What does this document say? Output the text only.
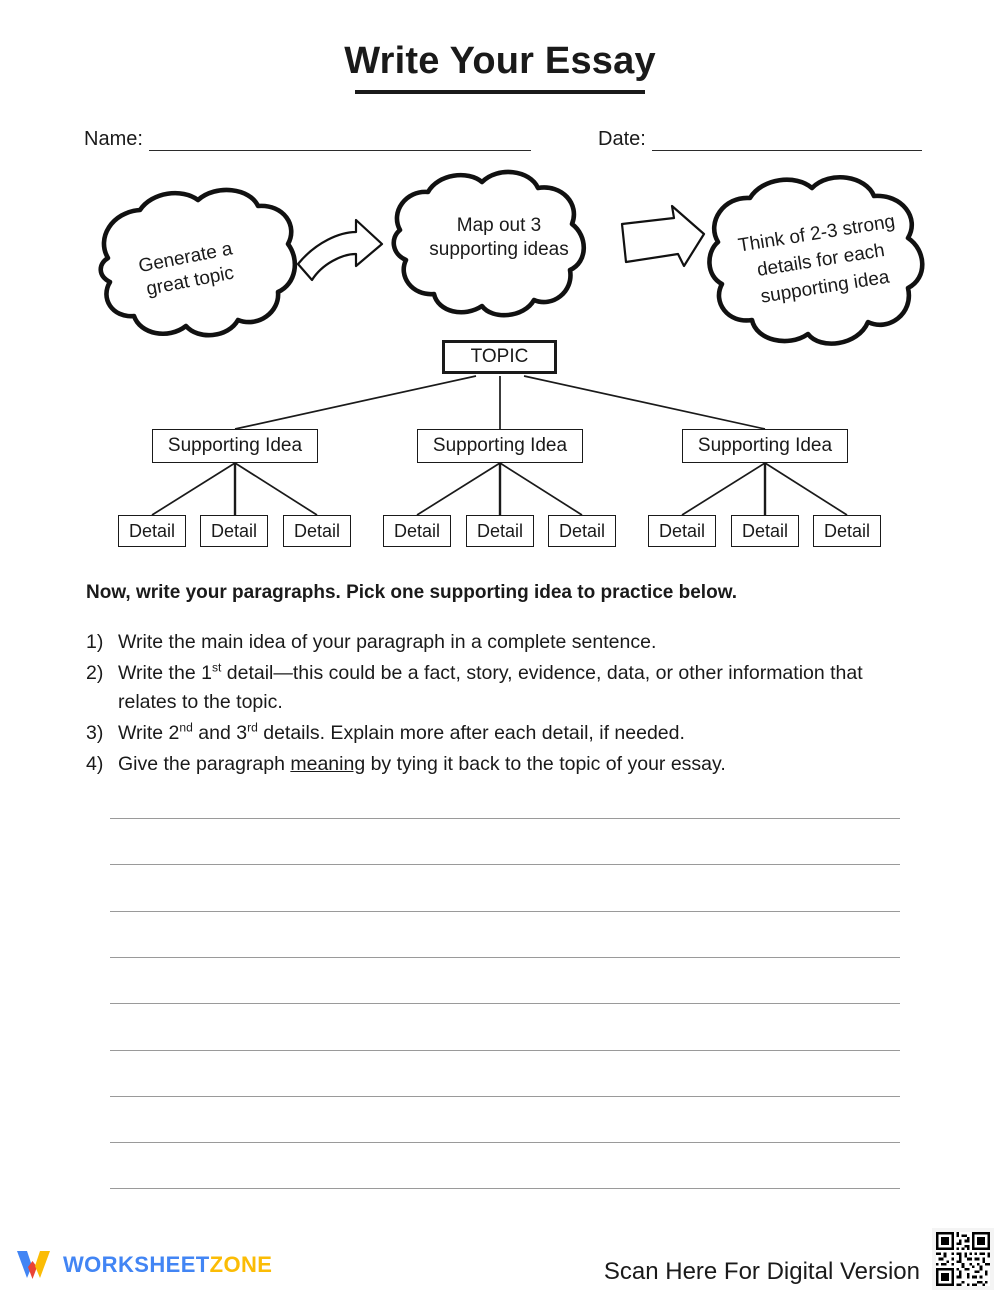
Write Your Essay
Name:	Date:
Generate a
great topic
Map out 3
supporting ideas	Think of 2-3 strong
details for each
supporting idea
TOPIC
Supporting Idea	Supporting Idea	Supporting Idea
Detail	Detail	Detail	Detail	Detail	Detail	Detail	Detail	Detail
Now, write your paragraphs. Pick one supporting idea to practice below.
1) Write the main idea of your paragraph in a complete sentence.
2) Write the 1st detail—this could be a fact, story, evidence, data, or other information that relates to the topic.
3) Write 2nd and 3rd details. Explain more after each detail, if needed.
4) Give the paragraph meaning by tying it back to the topic of your essay.
WORKSHEETZONE	Scan Here For Digital Version
